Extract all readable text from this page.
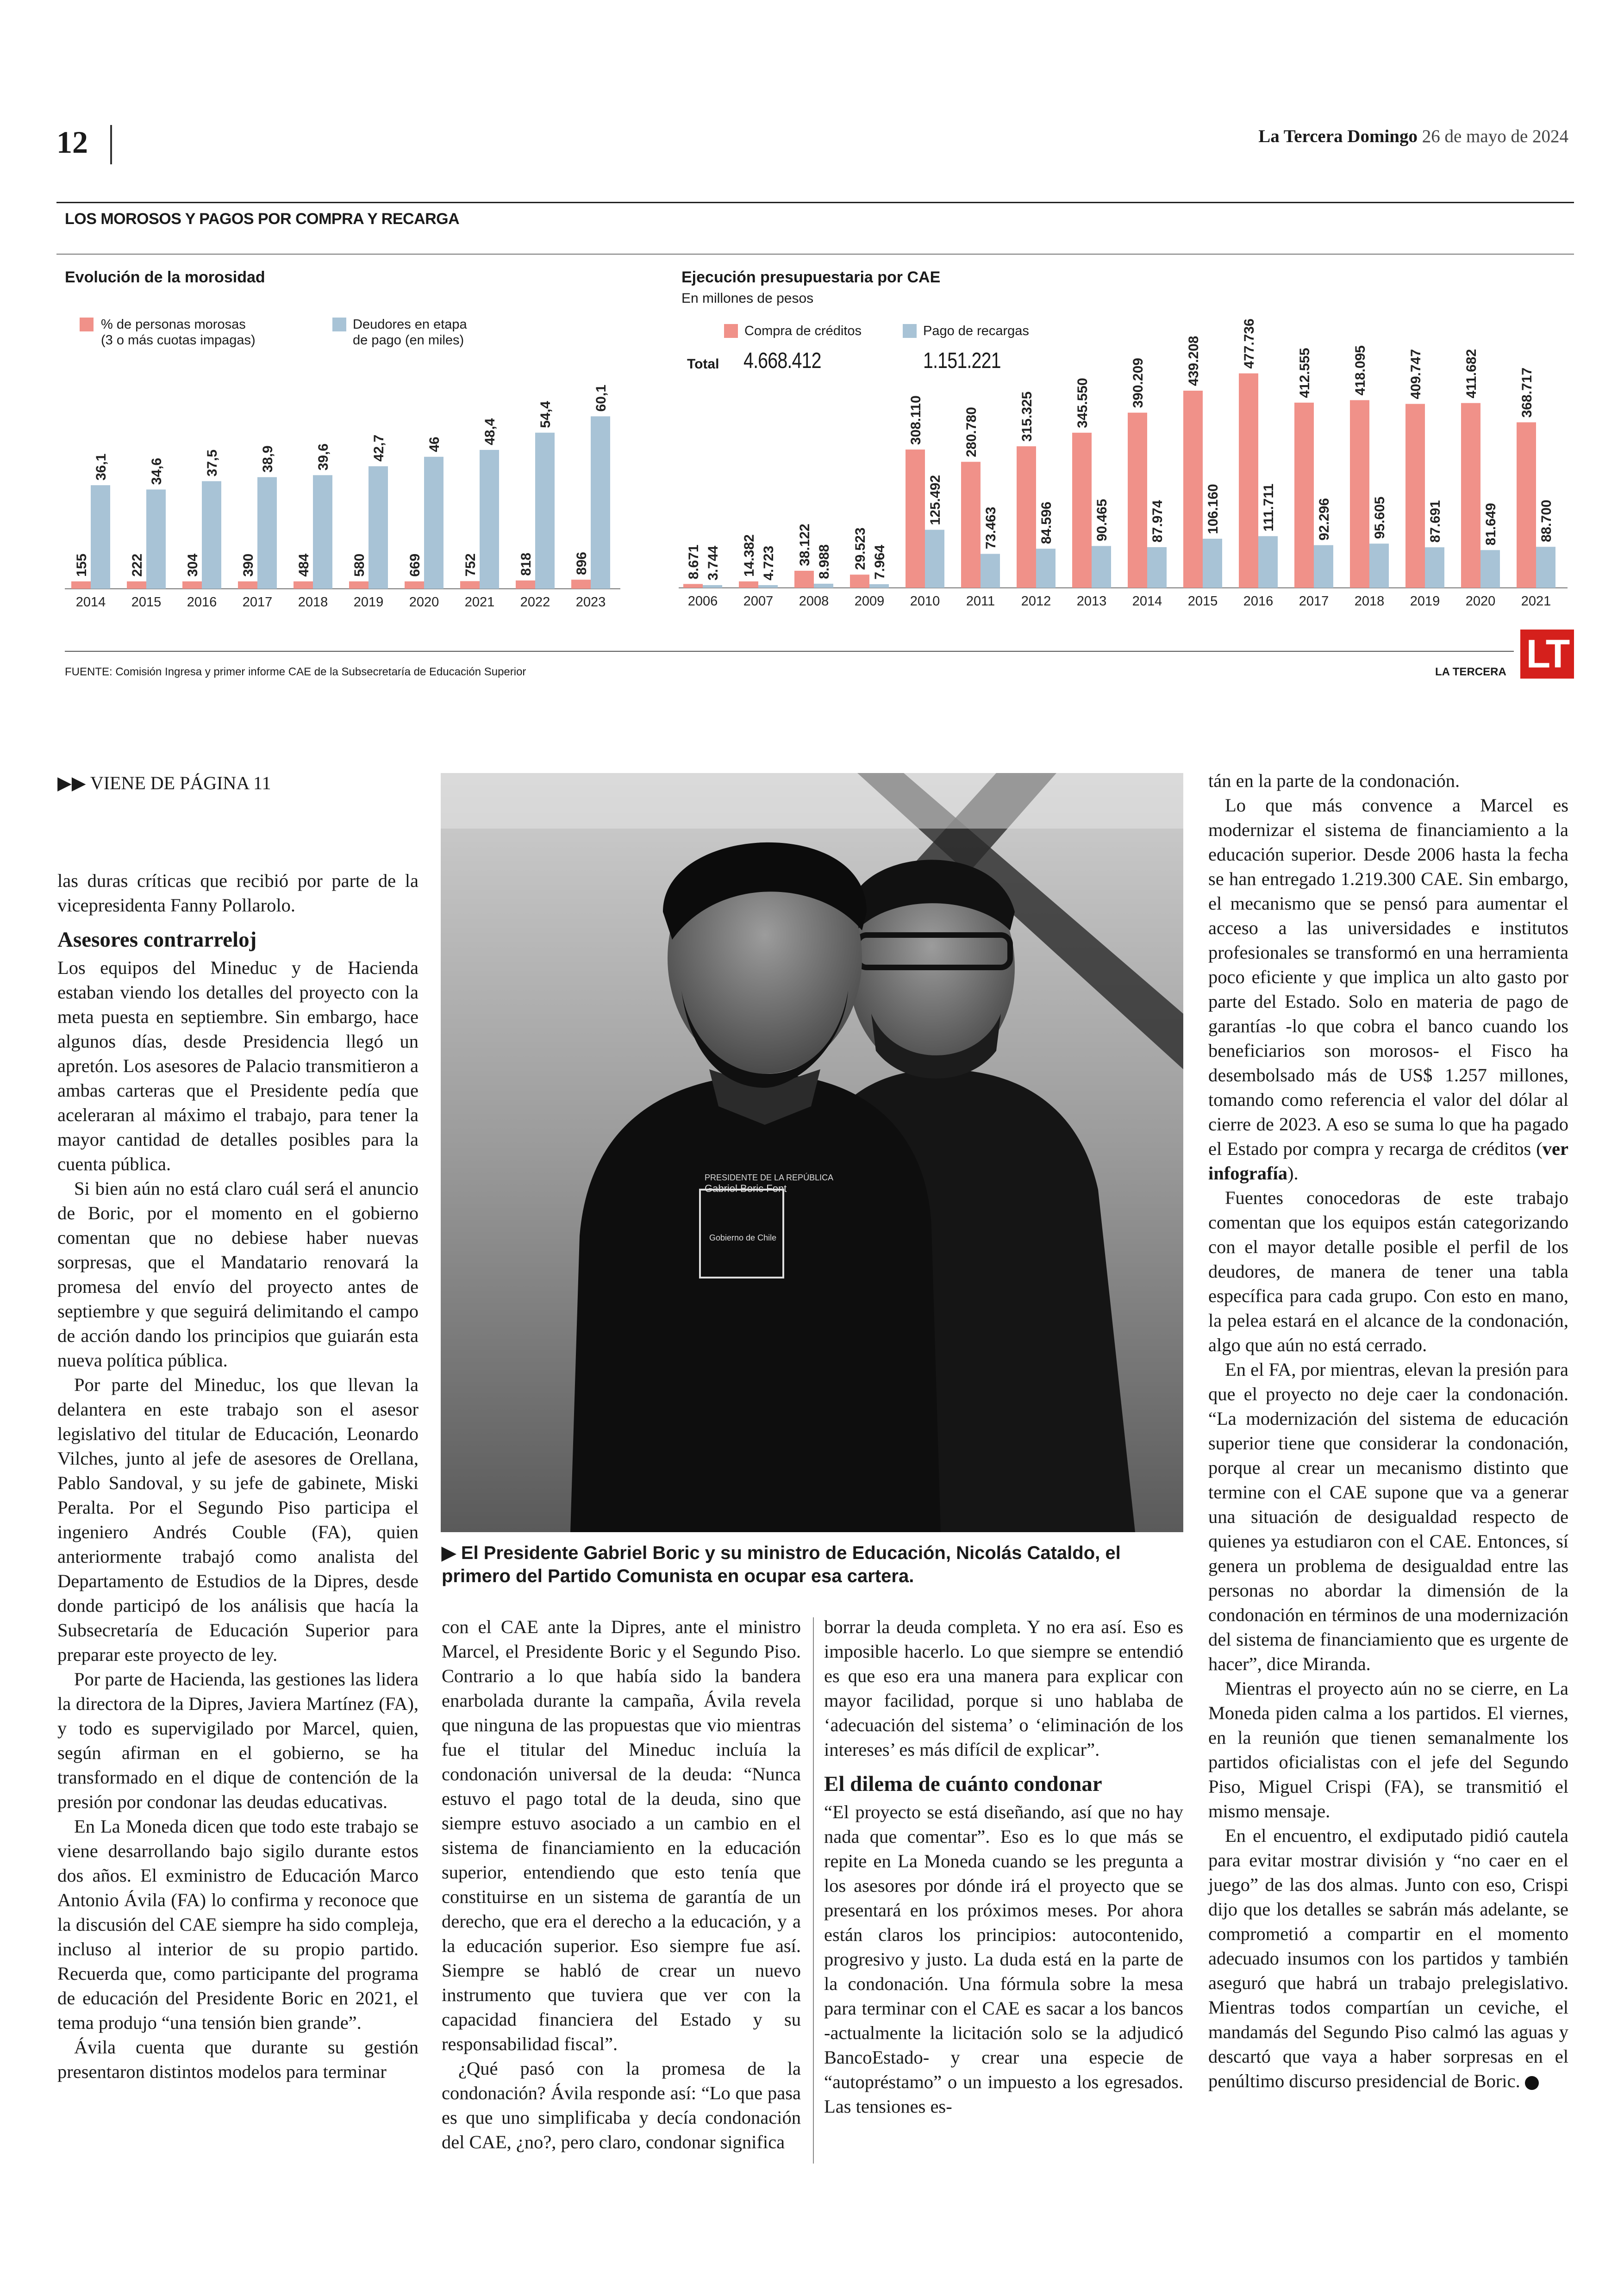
12	La Tercera Domingo 26 de mayo de 2024
LOS MOROSOS Y PAGOS POR COMPRA Y RECARGA
Evolución de la morosidad
% de personas morosas
(3 o más cuotas impagas)
Deudores en etapa
de pago (en miles)
Ejecución presupuestaria por CAE
En millones de pesos
Compra de créditos	Pago de recargas
Total 4.668.412	1.151.221
155
36,1
2014
222
34,6
2015
304
37,5
2016
390
38,9
2017
484
39,6
2018
580
42,7
2019
669
46
2020
752
48,4
2021
818
54,4
2022
896
60,1
2023
8.671 3.744
2006
14.382 4.723
2007
38.122 8.988
2008
29.523 7.964
2009
308.110
125.492
2010
280.780
73.463
2011
315.325
84.596
2012
345.550
90.465
2013
390.209
87.974
2014
439.208
106.160
2015
477.736
111.711
2016
412.555
92.296
2017
418.095
95.605
2018
409.747
87.691
2019
411.682
81.649
2020
368.717
88.700
2021
FUENTE: Comisión Ingresa y primer informe CAE de la Subsecretaría de Educación Superior	LA TERCERA LT
▶▶ VIENE DE PÁGINA 11

las duras críticas que recibió por parte de la vicepresidenta Fanny Pollarolo.

Asesores contrarreloj

Los equipos del Mineduc y de Hacienda estaban viendo los detalles del proyecto con la meta puesta en septiembre. Sin embargo, hace algunos días, desde Presidencia llegó un apretón. Los asesores de Palacio transmitieron a ambas carteras que el Presidente pedía que aceleraran al máximo el trabajo, para tener la mayor cantidad de detalles posibles para la cuenta pública.

Si bien aún no está claro cuál será el anuncio de Boric, por el momento en el gobierno comentan que no debiese haber nuevas sorpresas, que el Mandatario renovará la promesa del envío del proyecto antes de septiembre y que seguirá delimitando el campo de acción dando los principios que guiarán esta nueva política pública.

Por parte del Mineduc, los que llevan la delantera en este trabajo son el asesor legislativo del titular de Educación, Leonardo Vilches, junto al jefe de asesores de Orellana, Pablo Sandoval, y su jefe de gabinete, Miski Peralta. Por el Segundo Piso participa el ingeniero Andrés Couble (FA), quien anteriormente trabajó como analista del Departamento de Estudios de la Dipres, desde donde participó de los análisis que hacía la Subsecretaría de Educación Superior para preparar este proyecto de ley.

Por parte de Hacienda, las gestiones las lidera la directora de la Dipres, Javiera Martínez (FA), y todo es supervigilado por Marcel, quien, según afirman en el gobierno, se ha transformado en el dique de contención de la presión por condonar las deudas educativas.

En La Moneda dicen que todo este trabajo se viene desarrollando bajo sigilo durante estos dos años. El exministro de Educación Marco Antonio Ávila (FA) lo confirma y reconoce que la discusión del CAE siempre ha sido compleja, incluso al interior de su propio partido. Recuerda que, como participante del programa de educación del Presidente Boric en 2021, el tema produjo “una tensión bien grande”.

Ávila cuenta que durante su gestión presentaron distintos modelos para terminar

PRESIDENTE DE LA REPÚBLICA
Gabriel Boric Font
Gobierno de Chile
▶ El Presidente Gabriel Boric y su ministro de Educación, Nicolás Cataldo, el primero del Partido Comunista en ocupar esa cartera.

con el CAE ante la Dipres, ante el ministro Marcel, el Presidente Boric y el Segundo Piso. Contrario a lo que había sido la bandera enarbolada durante la campaña, Ávila revela que ninguna de las propuestas que vio mientras fue el titular del Mineduc incluía la condonación universal de la deuda: “Nunca estuvo el pago total de la deuda, sino que siempre estuvo asociado a un cambio en el sistema de financiamiento en la educación superior, entendiendo que esto tenía que constituirse en un sistema de garantía de un derecho, que era el derecho a la educación, y a la educación superior. Eso siempre fue así. Siempre se habló de crear un nuevo instrumento que tuviera que ver con la capacidad financiera del Estado y su responsabilidad fiscal”.

¿Qué pasó con la promesa de la condonación? Ávila responde así: “Lo que pasa es que uno simplificaba y decía condonación del CAE, ¿no?, pero claro, condonar significa

borrar la deuda completa. Y no era así. Eso es imposible hacerlo. Lo que siempre se entendió es que eso era una manera para explicar con mayor facilidad, porque si uno hablaba de ‘adecuación del sistema’ o ‘eliminación de los intereses’ es más difícil de explicar”.

El dilema de cuánto condonar

“El proyecto se está diseñando, así que no hay nada que comentar”. Eso es lo que más se repite en La Moneda cuando se les pregunta a los asesores por dónde irá el proyecto que se presentará en los próximos meses. Por ahora están claros los principios: autocontenido, progresivo y justo. La duda está en la parte de la condonación. Una fórmula sobre la mesa para terminar con el CAE es sacar a los bancos -actualmente la licitación solo se la adjudicó BancoEstado- y crear una especie de “autopréstamo” o un impuesto a los egresados. Las tensiones es-

tán en la parte de la condonación.

Lo que más convence a Marcel es modernizar el sistema de financiamiento a la educación superior. Desde 2006 hasta la fecha se han entregado 1.219.300 CAE. Sin embargo, el mecanismo que se pensó para aumentar el acceso a las universidades e institutos profesionales se transformó en una herramienta poco eficiente y que implica un alto gasto por parte del Estado. Solo en materia de pago de garantías -lo que cobra el banco cuando los beneficiarios son morosos- el Fisco ha desembolsado más de US$ 1.257 millones, tomando como referencia el valor del dólar al cierre de 2023. A eso se suma lo que ha pagado el Estado por compra y recarga de créditos (ver infografía).

Fuentes conocedoras de este trabajo comentan que los equipos están categorizando con el mayor detalle posible el perfil de los deudores, de manera de tener una tabla específica para cada grupo. Con esto en mano, la pelea estará en el alcance de la condonación, algo que aún no está cerrado.

En el FA, por mientras, elevan la presión para que el proyecto no deje caer la condonación. “La modernización del sistema de educación superior tiene que considerar la condonación, porque al crear un mecanismo distinto que termine con el CAE supone que va a generar una situación de desigualdad respecto de quienes ya estudiaron con el CAE. Entonces, sí genera un problema de desigualdad entre las personas no abordar la dimensión de la condonación en términos de una modernización del sistema de financiamiento que es urgente de hacer”, dice Miranda.

Mientras el proyecto aún no se cierre, en La Moneda piden calma a los partidos. El viernes, en la reunión que tienen semanalmente los partidos oficialistas con el jefe del Segundo Piso, Miguel Crispi (FA), se transmitió el mismo mensaje.

En el encuentro, el exdiputado pidió cautela para evitar mostrar división y “no caer en el juego” de las dos almas. Junto con eso, Crispi dijo que los detalles se sabrán más adelante, se comprometió a compartir en el momento adecuado insumos con los partidos y también aseguró que habrá un trabajo prelegislativo. Mientras todos compartían un ceviche, el mandamás del Segundo Piso calmó las aguas y descartó que vaya a haber sorpresas en el penúltimo discurso presidencial de Boric.
